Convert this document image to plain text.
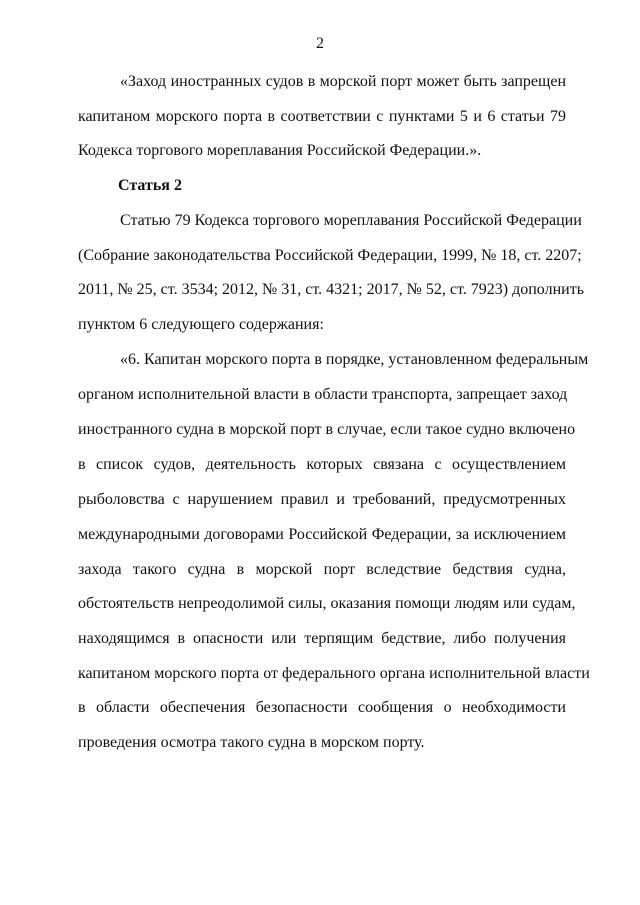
2
«Заход иностранных судов в морской порт может быть запрещен
капитаном морского порта в соответствии с пунктами 5 и 6 статьи 79
Кодекса торгового мореплавания Российской Федерации.».
Статья 2
Статью 79 Кодекса торгового мореплавания Российской Федерации
(Собрание законодательства Российской Федерации, 1999, № 18, ст. 2207;
2011, № 25, ст. 3534; 2012, № 31, ст. 4321; 2017, № 52, ст. 7923) дополнить
пунктом 6 следующего содержания:
«6. Капитан морского порта в порядке, установленном федеральным
органом исполнительной власти в области транспорта, запрещает заход
иностранного судна в морской порт в случае, если такое судно включено
в список судов, деятельность которых связана с осуществлением
рыболовства с нарушением правил и требований, предусмотренных
международными договорами Российской Федерации, за исключением
захода такого судна в морской порт вследствие бедствия судна,
обстоятельств непреодолимой силы, оказания помощи людям или судам,
находящимся в опасности или терпящим бедствие, либо получения
капитаном морского порта от федерального органа исполнительной власти
в области обеспечения безопасности сообщения о необходимости
проведения осмотра такого судна в морском порту.
